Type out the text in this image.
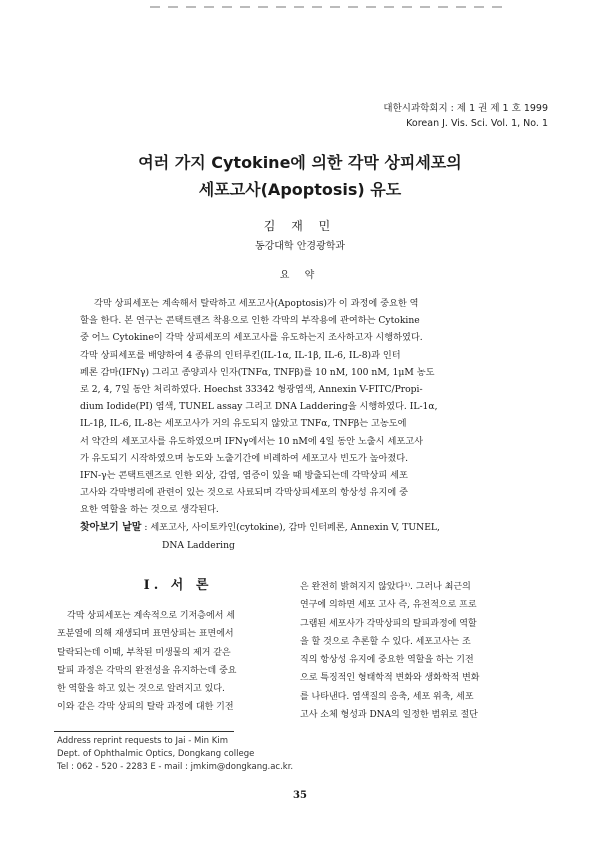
대한시과학회지 : 제 1 권 제 1 호 1999
Korean J. Vis. Sci. Vol. 1, No. 1
여러 가지 Cytokine에 의한 각막 상피세포의
세포고사(Apoptosis) 유도
김 재 민
동강대학 안경광학과
요 약
각막 상피세포는 계속해서 탈락하고 세포고사(Apoptosis)가 이 과정에 중요한 역
할을 한다. 본 연구는 콘택트렌즈 착용으로 인한 각막의 부작용에 관여하는 Cytokine
중 어느 Cytokine이 각막 상피세포의 세포고사를 유도하는지 조사하고자 시행하였다.
각막 상피세포를 배양하여 4 종류의 인터루킨(IL-1α, IL-1β, IL-6, IL-8)과 인터
페론 감마(IFNγ) 그리고 종양괴사 인자(TNFα, TNFβ)를 10 nM, 100 nM, 1μM 농도
로 2, 4, 7일 동안 처리하였다. Hoechst 33342 형광염색, Annexin V-FITC/Propi-
dium Iodide(PI) 염색, TUNEL assay 그리고 DNA Laddering을 시행하였다. IL-1α,
IL-1β, IL-6, IL-8는 세포고사가 거의 유도되지 않았고 TNFα, TNFβ는 고농도에
서 약간의 세포고사를 유도하였으며 IFNγ에서는 10 nM에 4일 동안 노출시 세포고사
가 유도되기 시작하였으며 농도와 노출기간에 비례하여 세포고사 빈도가 높아졌다.
IFN-γ는 콘택트렌즈로 인한 외상, 감염, 염증이 있을 때 방출되는데 각막상피 세포
고사와 각막병리에 관련이 있는 것으로 사료되며 각막상피세포의 항상성 유지에 중
요한 역할을 하는 것으로 생각된다.
찾아보기 낱말 : 세포고사, 사이토카인(cytokine), 감마 인터페론, Annexin V, TUNEL,
DNA Laddering
I. 서 론
각막 상피세포는 계속적으로 기저층에서 세
포분열에 의해 재생되며 표면상피는 표면에서
탈락되는데 이때, 부착된 미생물의 제거 같은
탈피 과정은 각막의 완전성을 유지하는데 중요
한 역할을 하고 있는 것으로 알려지고 있다.
이와 같은 각막 상피의 탈락 과정에 대한 기전
은 완전히 밝혀지지 않았다¹⁾. 그러나 최근의
연구에 의하면 세포 고사 즉, 유전적으로 프로
그램된 세포사가 각막상피의 탈피과정에 역할
을 할 것으로 추론할 수 있다. 세포고사는 조
직의 항상성 유지에 중요한 역할을 하는 기전
으로 특징적인 형태학적 변화와 생화학적 변화
를 나타낸다. 염색질의 응축, 세포 위축, 세포
고사 소체 형성과 DNA의 일정한 범위로 절단
Address reprint requests to Jai - Min Kim
Dept. of Ophthalmic Optics, Dongkang college
Tel : 062 - 520 - 2283 E - mail : jmkim@dongkang.ac.kr.
35
